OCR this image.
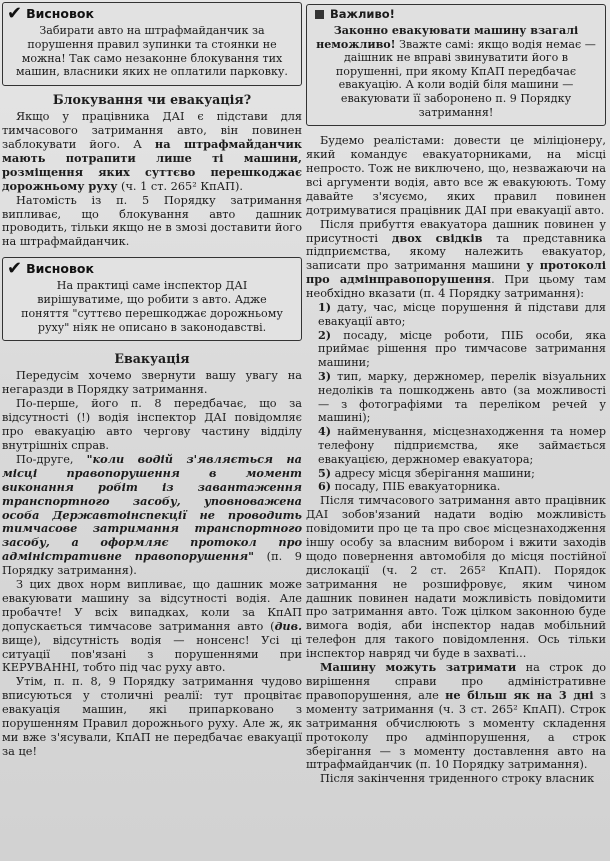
✔ Висновок
Забирати авто на штрафмайданчик за порушення правил зупинки та стоянки не можна! Так само незаконне блокування тих машин, власники яких не оплатили парковку.
Блокування чи евакуація?

Якщо у працівника ДАІ є підстави для тимчасового затримання авто, він повинен заблокувати його. А на штрафмайданчик мають потрапити лише ті машини, розміщення яких суттєво перешкоджає дорожньому руху (ч. 1 ст. 265² КпАП).

Натомість із п. 5 Порядку затримання випливає, що блокування авто дашник проводить, тільки якщо не в змозі доставити його на штрафмайданчик.

✔ Висновок
На практиці саме інспектор ДАІ вирішуватиме, що робити з авто. Адже поняття "суттєво перешкоджає дорожньому руху" ніяк не описано в законодавстві.
Евакуація

Передусім хочемо звернути вашу увагу на негаразди в Порядку затримання.

По-перше, його п. 8 передбачає, що за відсутності (!) водія інспектор ДАІ повідомляє про евакуацію авто чергову частину відділу внутрішніх справ.

По-друге, "коли водій з'являється на місці правопорушення в момент виконання робіт із завантаження транспортного засобу, уповноважена особа Державтоінспекції не проводить тимчасове затримання транспортного засобу, а оформляє протокол про адміністративне правопорушення" (п. 9 Порядку затримання).

З цих двох норм випливає, що дашник може евакуювати машину за відсутності водія. Але пробачте! У всіх випадках, коли за КпАП допускається тимчасове затримання авто (див. вище), відсутність водія — нонсенс! Усі ці ситуації пов'язані з порушеннями при КЕРУВАННІ, тобто під час руху авто.

Утім, п. п. 8, 9 Порядку затримання чудово вписуються у столичні реалії: тут процвітає евакуація машин, які припарковано з порушенням Правил дорожнього руху. Але ж, як ми вже з'ясували, КпАП не передбачає евакуації за це!

Важливо!

Законно евакуювати машину взагалі неможливо! Зважте самі: якщо водія немає — даішник не вправі звинуватити його в порушенні, при якому КпАП передбачає евакуацію. А коли водій біля машини — евакуювати її заборонено п. 9 Порядку затримання!

Будемо реалістами: довести це міліціонеру, який командує евакуаторниками, на місці непросто. Тож не виключено, що, незважаючи на всі аргументи водія, авто все ж евакуюють. Тому давайте з'ясуємо, яких правил повинен дотримуватися працівник ДАІ при евакуації авто.

Після прибуття евакуатора дашник повинен у присутності двох свідків та представника підприємства, якому належить евакуатор, записати про затримання машини у протоколі про адмінправопорушення. При цьому там необхідно вказати (п. 4 Порядку затримання):

1) дату, час, місце порушення й підстави для евакуації авто;
2) посаду, місце роботи, ПІБ особи, яка приймає рішення про тимчасове затримання машини;
3) тип, марку, держномер, перелік візуальних недоліків та пошкоджень авто (за можливості — з фотографіями та переліком речей у машині);
4) найменування, місцезнаходження та номер телефону підприємства, яке займається евакуацією, держномер евакуатора;
5) адресу місця зберігання машини;
6) посаду, ПІБ евакуаторника.

Після тимчасового затримання авто працівник ДАІ зобов'язаний надати водію можливість повідомити про це та про своє місцезнаходження іншу особу за власним вибором і вжити заходів щодо повернення автомобіля до місця постійної дислокації (ч. 2 ст. 265² КпАП). Порядок затримання не розшифровує, яким чином дашник повинен надати можливість повідомити про затримання авто. Тож цілком законною буде вимога водія, аби інспектор надав мобільний телефон для такого повідомлення. Ось тільки інспектор навряд чи буде в захваті...

Машину можуть затримати на строк до вирішення справи про адміністративне правопорушення, але не більш як на 3 дні з моменту затримання (ч. 3 ст. 265² КпАП). Строк затримання обчислюють з моменту складення протоколу про адмінпорушення, а строк зберігання — з моменту доставлення авто на штрафмайданчик (п. 10 Порядку затримання).

Після закінчення триденного строку власник
